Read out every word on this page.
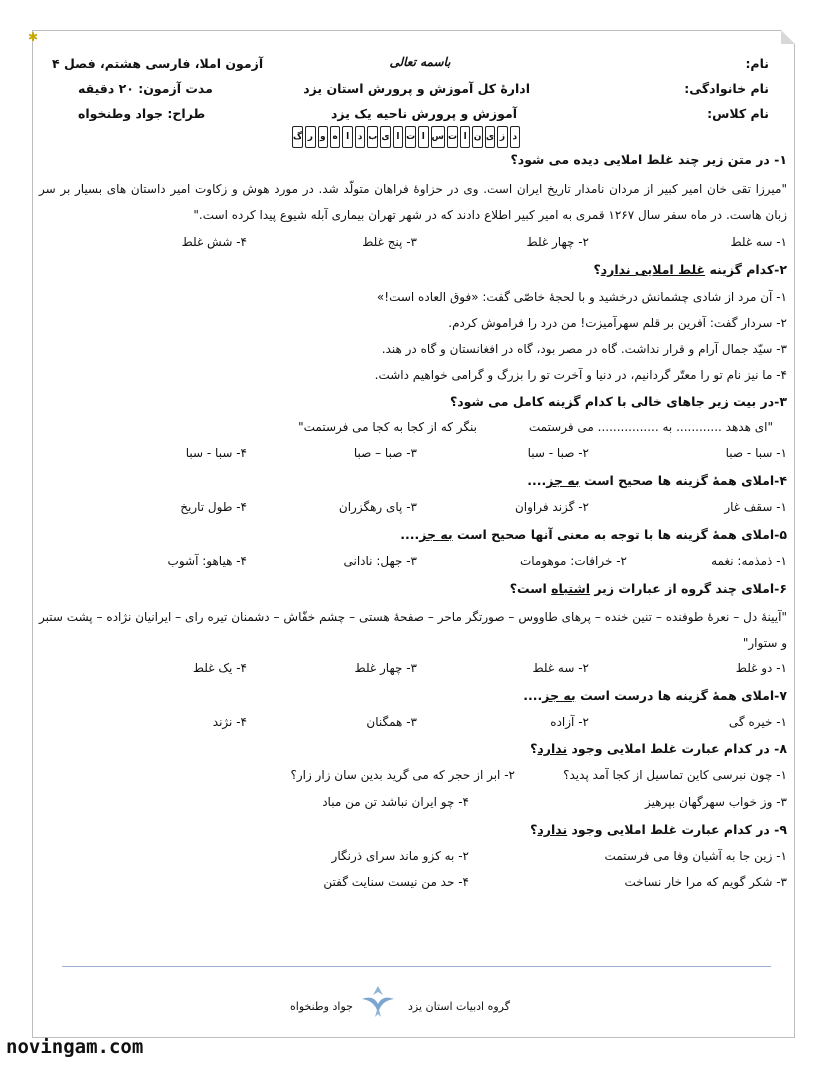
✱
نام:
نام خانوادگی:
نام کلاس:
باسمه تعالی
ادارهٔ کل آموزش و پرورش استان یزد
آموزش و پرورش ناحیه یک یزد
آزمون املا، فارسی هشتم، فصل ۴
مدت آزمون: ۲۰ دقیقه
طراح: جواد وطنخواه
گ ر و ه ا د ب ی ا ت ا س ت ا ن ی ز د
۱- در متن زیر چند غلط املایی دیده می شود؟
"میرزا تقی خان امیر کبیر از مردان نامدار تاریخ ایران است. وی در حزاوهٔ فراهان متولّد شد. در مورد هوش و زکاوت امیر داستان های بسیار بر سر زبان هاست. در ماه سفر سال ۱۲۶۷ قمری به امیر کبیر اطلاع دادند که در شهر تهران بیماری آبله شیوع پیدا کرده است."
۱- سه غلط
۲- چهار غلط
۳- پنج غلط
۴- شش غلط
۲-کدام گزینه غلط املایی ندارد؟
۱- آن مرد از شادی چشمانش درخشید و با لحجهٔ خاصّی گفت: «فوق العاده است!»
۲- سردار گفت: آفرین بر قلم سهرآمیزت! من درد را فراموش کردم.
۳- سیّد جمال آرام و قرار نداشت. گاه در مصر بود، گاه در افغانستان و گاه در هند.
۴- ما نیز نام تو را معتّر گردانیم، در دنیا و آخرت تو را بزرگ و گرامی خواهیم داشت.
۳-در بیت زیر جاهای خالی با کدام گزینه کامل می شود؟
"ای هدهد ............ به ................ می فرستمت
بنگر که از کجا به کجا می فرستمت"
۱- سبا - صبا
۲- صبا - سبا
۳- صبا – صبا
۴- سبا - سبا
۴-املای همهٔ گزینه ها صحیح است به جز....
۱- سقف غار
۲- گزند فراوان
۳- پای رهگزران
۴- طول تاریخ
۵-املای همهٔ گزینه ها با توجه به معنی آنها صحیح است به جز....
۱- ذمذمه: نغمه
۲- خرافات: موهومات
۳- جهل: نادانی
۴- هیاهو: آشوب
۶-املای چند گروه از عبارات زیر اشتباه است؟
"آیینهٔ دل – نعرهٔ طوفنده – تنین خنده – پرهای طاووس – صورتگر ماحر – صفحهٔ هستی – چشم خفّاش – دشمنان تیره رای – ایرانیان نژاده – پشت ستبر و ستوار"
۱- دو غلط
۲- سه غلط
۳- چهار غلط
۴- یک غلط
۷-املای همهٔ گزینه ها درست است به جز....
۱- خیره گی
۲- آزاده
۳- همگنان
۴- نژند
۸- در کدام عبارت غلط املایی وجود ندارد؟
۱- چون نبرسی کاین تماسیل از کجا آمد پدید؟
۲- ابر از حجر که می گرید بدین سان زار زار؟
۳- وز خواب سهرگهان بپرهیز
۴- چو ایران نباشد تن من مباد
۹- در کدام عبارت غلط املایی وجود ندارد؟
۱- زین جا به آشیان وفا می فرستمت
۲- به کزو ماند سرای ذرنگار
۳- شکر گویم که مرا خار نساخت
۴- حد من نیست سنایت گفتن
گروه ادبیات استان یزد
جواد وطنخواه
novingam.com
